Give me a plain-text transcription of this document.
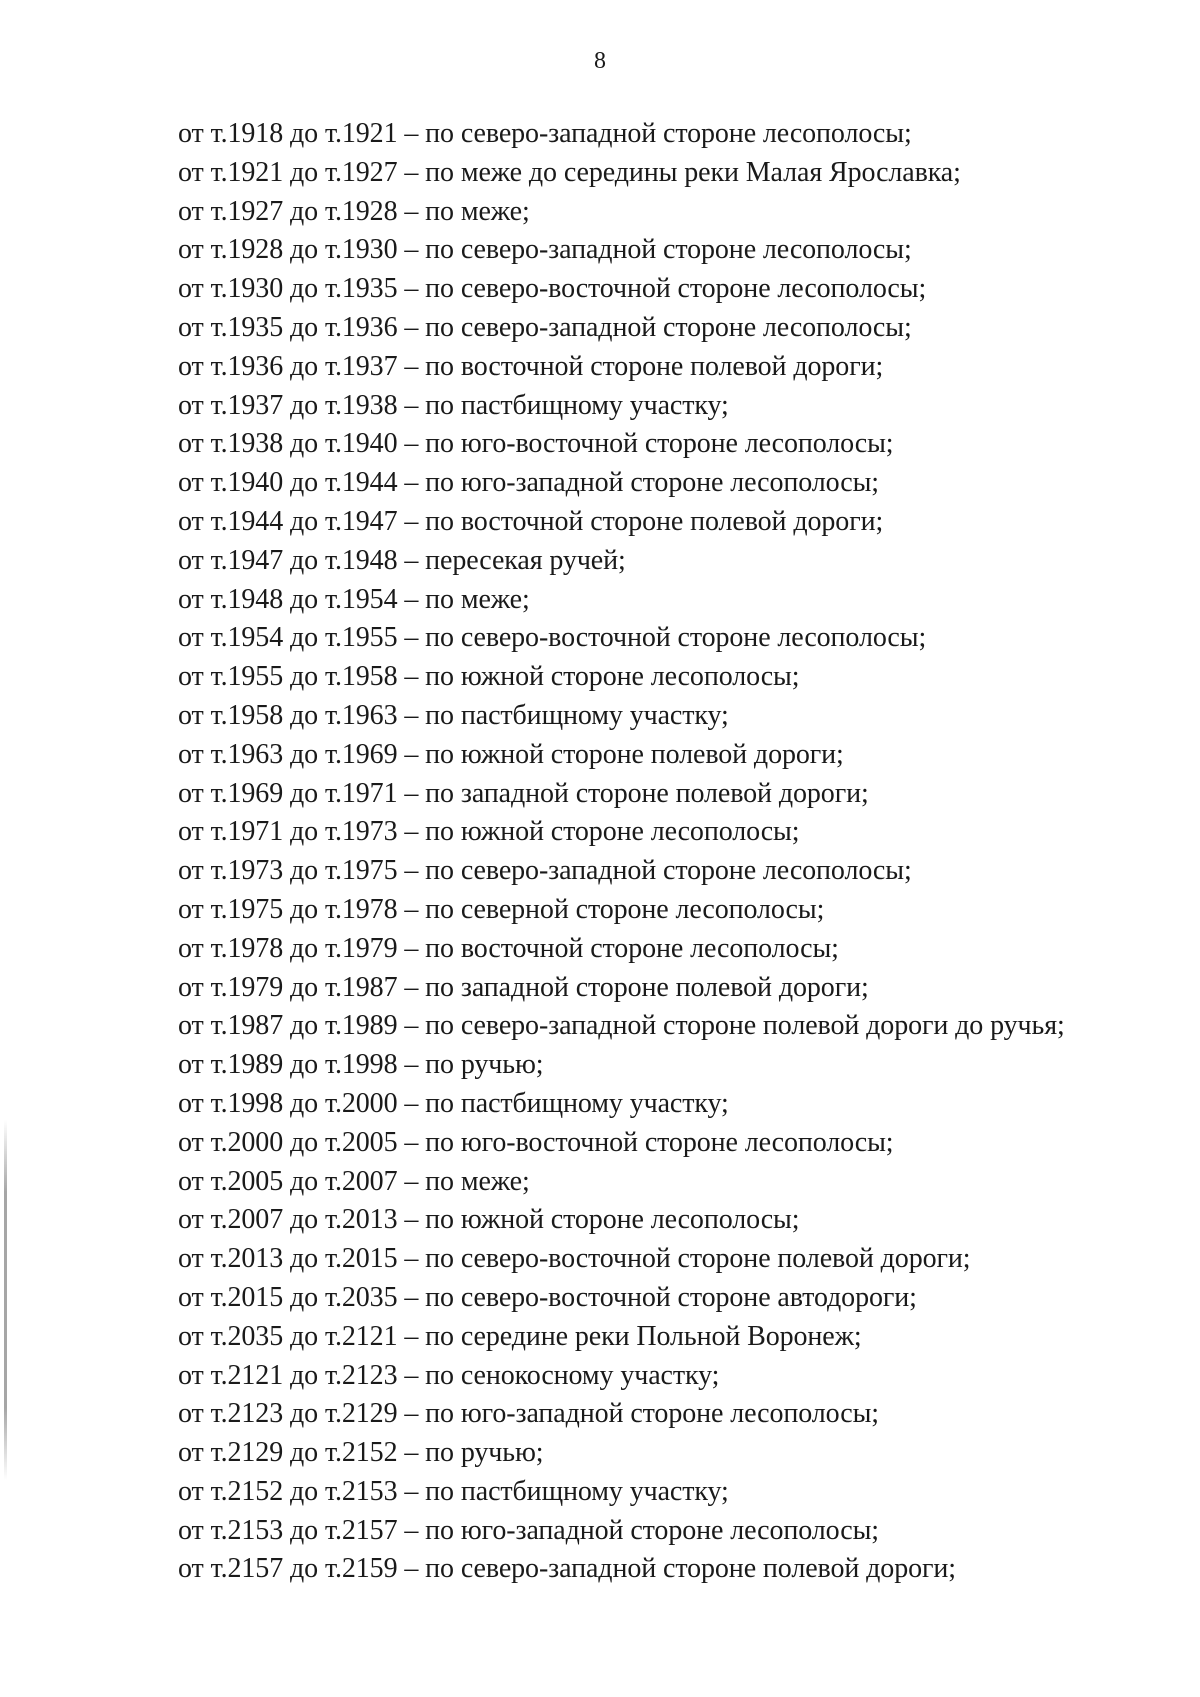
8
от т.1918 до т.1921 – по северо-западной стороне лесополосы;
от т.1921 до т.1927 – по меже до середины реки Малая Ярославка;
от т.1927 до т.1928 – по меже;
от т.1928 до т.1930 – по северо-западной стороне лесополосы;
от т.1930 до т.1935 – по северо-восточной стороне лесополосы;
от т.1935 до т.1936 – по северо-западной стороне лесополосы;
от т.1936 до т.1937 – по восточной стороне полевой дороги;
от т.1937 до т.1938 – по пастбищному участку;
от т.1938 до т.1940 – по юго-восточной стороне лесополосы;
от т.1940 до т.1944 – по юго-западной стороне лесополосы;
от т.1944 до т.1947 – по восточной стороне полевой дороги;
от т.1947 до т.1948 – пересекая ручей;
от т.1948 до т.1954 – по меже;
от т.1954 до т.1955 – по северо-восточной стороне лесополосы;
от т.1955 до т.1958 – по южной стороне лесополосы;
от т.1958 до т.1963 – по пастбищному участку;
от т.1963 до т.1969 – по южной стороне полевой дороги;
от т.1969 до т.1971 – по западной стороне полевой дороги;
от т.1971 до т.1973 – по южной стороне лесополосы;
от т.1973 до т.1975 – по северо-западной стороне лесополосы;
от т.1975 до т.1978 – по северной стороне лесополосы;
от т.1978 до т.1979 – по восточной стороне лесополосы;
от т.1979 до т.1987 – по западной стороне полевой дороги;
от т.1987 до т.1989 – по северо-западной стороне полевой дороги до ручья;
от т.1989 до т.1998 – по ручью;
от т.1998 до т.2000 – по пастбищному участку;
от т.2000 до т.2005 – по юго-восточной стороне лесополосы;
от т.2005 до т.2007 – по меже;
от т.2007 до т.2013 – по южной стороне лесополосы;
от т.2013 до т.2015 – по северо-восточной стороне полевой дороги;
от т.2015 до т.2035 – по северо-восточной стороне автодороги;
от т.2035 до т.2121 – по середине реки Польной Воронеж;
от т.2121 до т.2123 – по сенокосному участку;
от т.2123 до т.2129 – по юго-западной стороне лесополосы;
от т.2129 до т.2152 – по ручью;
от т.2152 до т.2153 – по пастбищному участку;
от т.2153 до т.2157 – по юго-западной стороне лесополосы;
от т.2157 до т.2159 – по северо-западной стороне полевой дороги;
